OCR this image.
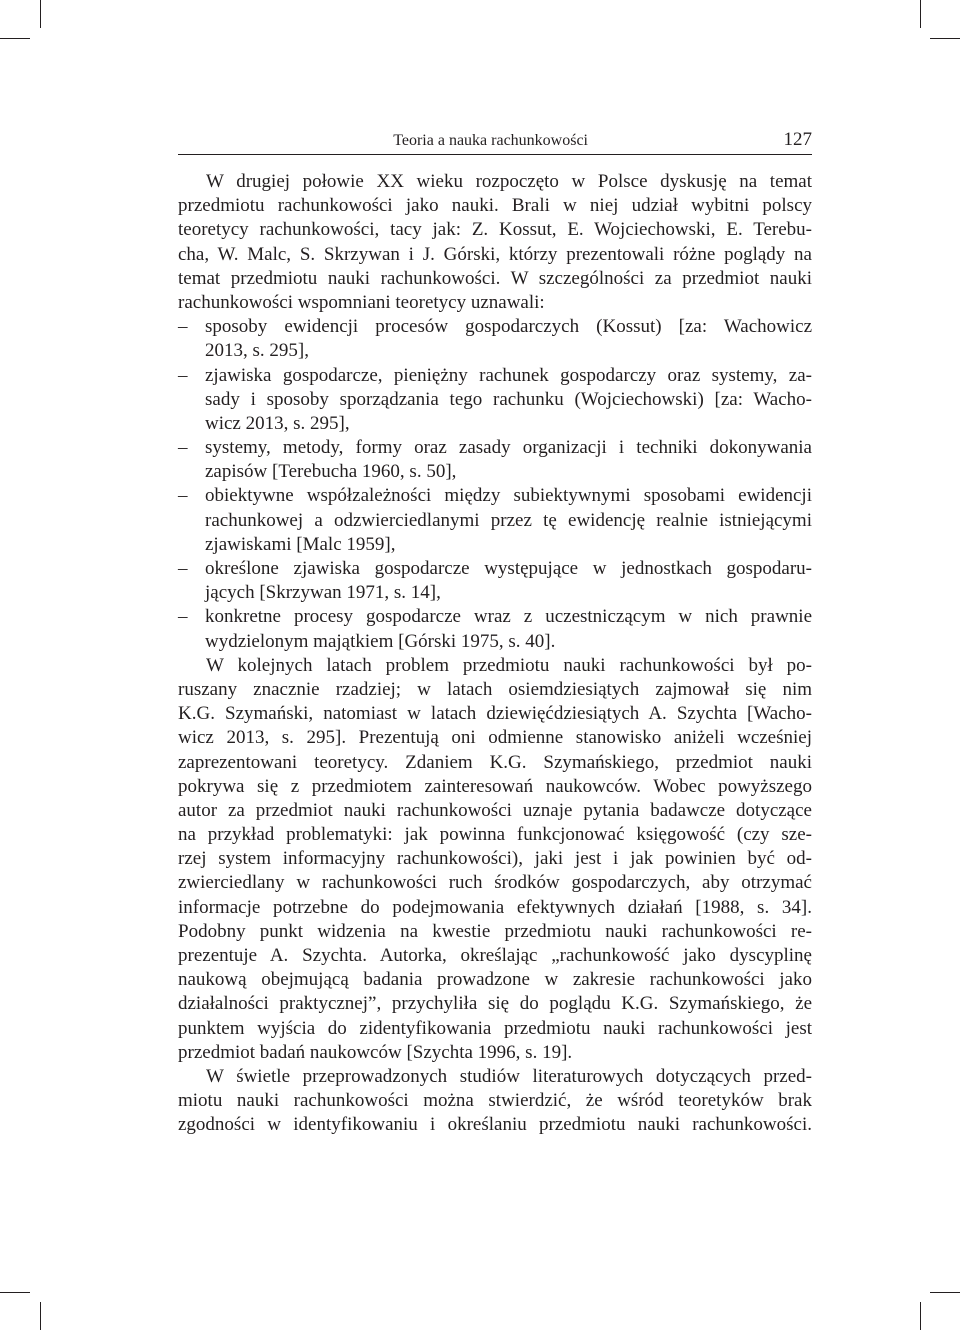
Teoria a nauka rachunkowości	127
W drugiej połowie XX wieku rozpoczęto w Polsce dyskusję na temat
przedmiotu rachunkowości jako nauki. Brali w niej udział wybitni polscy
teoretycy rachunkowości, tacy jak: Z. Kossut, E. Wojciechowski, E. Terebu-
cha, W. Malc, S. Skrzywan i J. Górski, którzy prezentowali różne poglądy na
temat przedmiotu nauki rachunkowości. W szczególności za przedmiot nauki
rachunkowości wspomniani teoretycy uznawali:
– sposoby ewidencji procesów gospodarczych (Kossut) [za: Wachowicz
2013, s. 295],
– zjawiska gospodarcze, pieniężny rachunek gospodarczy oraz systemy, za-
sady i sposoby sporządzania tego rachunku (Wojciechowski) [za: Wacho-
wicz 2013, s. 295],
– systemy, metody, formy oraz zasady organizacji i techniki dokonywania
zapisów [Terebucha 1960, s. 50],
– obiektywne współzależności między subiektywnymi sposobami ewidencji
rachunkowej a odzwierciedlanymi przez tę ewidencję realnie istniejącymi
zjawiskami [Malc 1959],
– określone zjawiska gospodarcze występujące w jednostkach gospodaru-
jących [Skrzywan 1971, s. 14],
– konkretne procesy gospodarcze wraz z uczestniczącym w nich prawnie
wydzielonym majątkiem [Górski 1975, s. 40].
W kolejnych latach problem przedmiotu nauki rachunkowości był po-
ruszany znacznie rzadziej; w latach osiemdziesiątych zajmował się nim
K.G. Szymański, natomiast w latach dziewięćdziesiątych A. Szychta [Wacho-
wicz 2013, s. 295]. Prezentują oni odmienne stanowisko aniżeli wcześniej
zaprezentowani teoretycy. Zdaniem K.G. Szymańskiego, przedmiot nauki
pokrywa się z przedmiotem zainteresowań naukowców. Wobec powyższego
autor za przedmiot nauki rachunkowości uznaje pytania badawcze dotyczące
na przykład problematyki: jak powinna funkcjonować księgowość (czy sze-
rzej system informacyjny rachunkowości), jaki jest i jak powinien być od-
zwierciedlany w rachunkowości ruch środków gospodarczych, aby otrzymać
informacje potrzebne do podejmowania efektywnych działań [1988, s. 34].
Podobny punkt widzenia na kwestie przedmiotu nauki rachunkowości re-
prezentuje A. Szychta. Autorka, określając „rachunkowość jako dyscyplinę
naukową obejmującą badania prowadzone w zakresie rachunkowości jako
działalności praktycznej”, przychyliła się do poglądu K.G. Szymańskiego, że
punktem wyjścia do zidentyfikowania przedmiotu nauki rachunkowości jest
przedmiot badań naukowców [Szychta 1996, s. 19].
W świetle przeprowadzonych studiów literaturowych dotyczących przed-
miotu nauki rachunkowości można stwierdzić, że wśród teoretyków brak
zgodności w identyfikowaniu i określaniu przedmiotu nauki rachunkowości.
